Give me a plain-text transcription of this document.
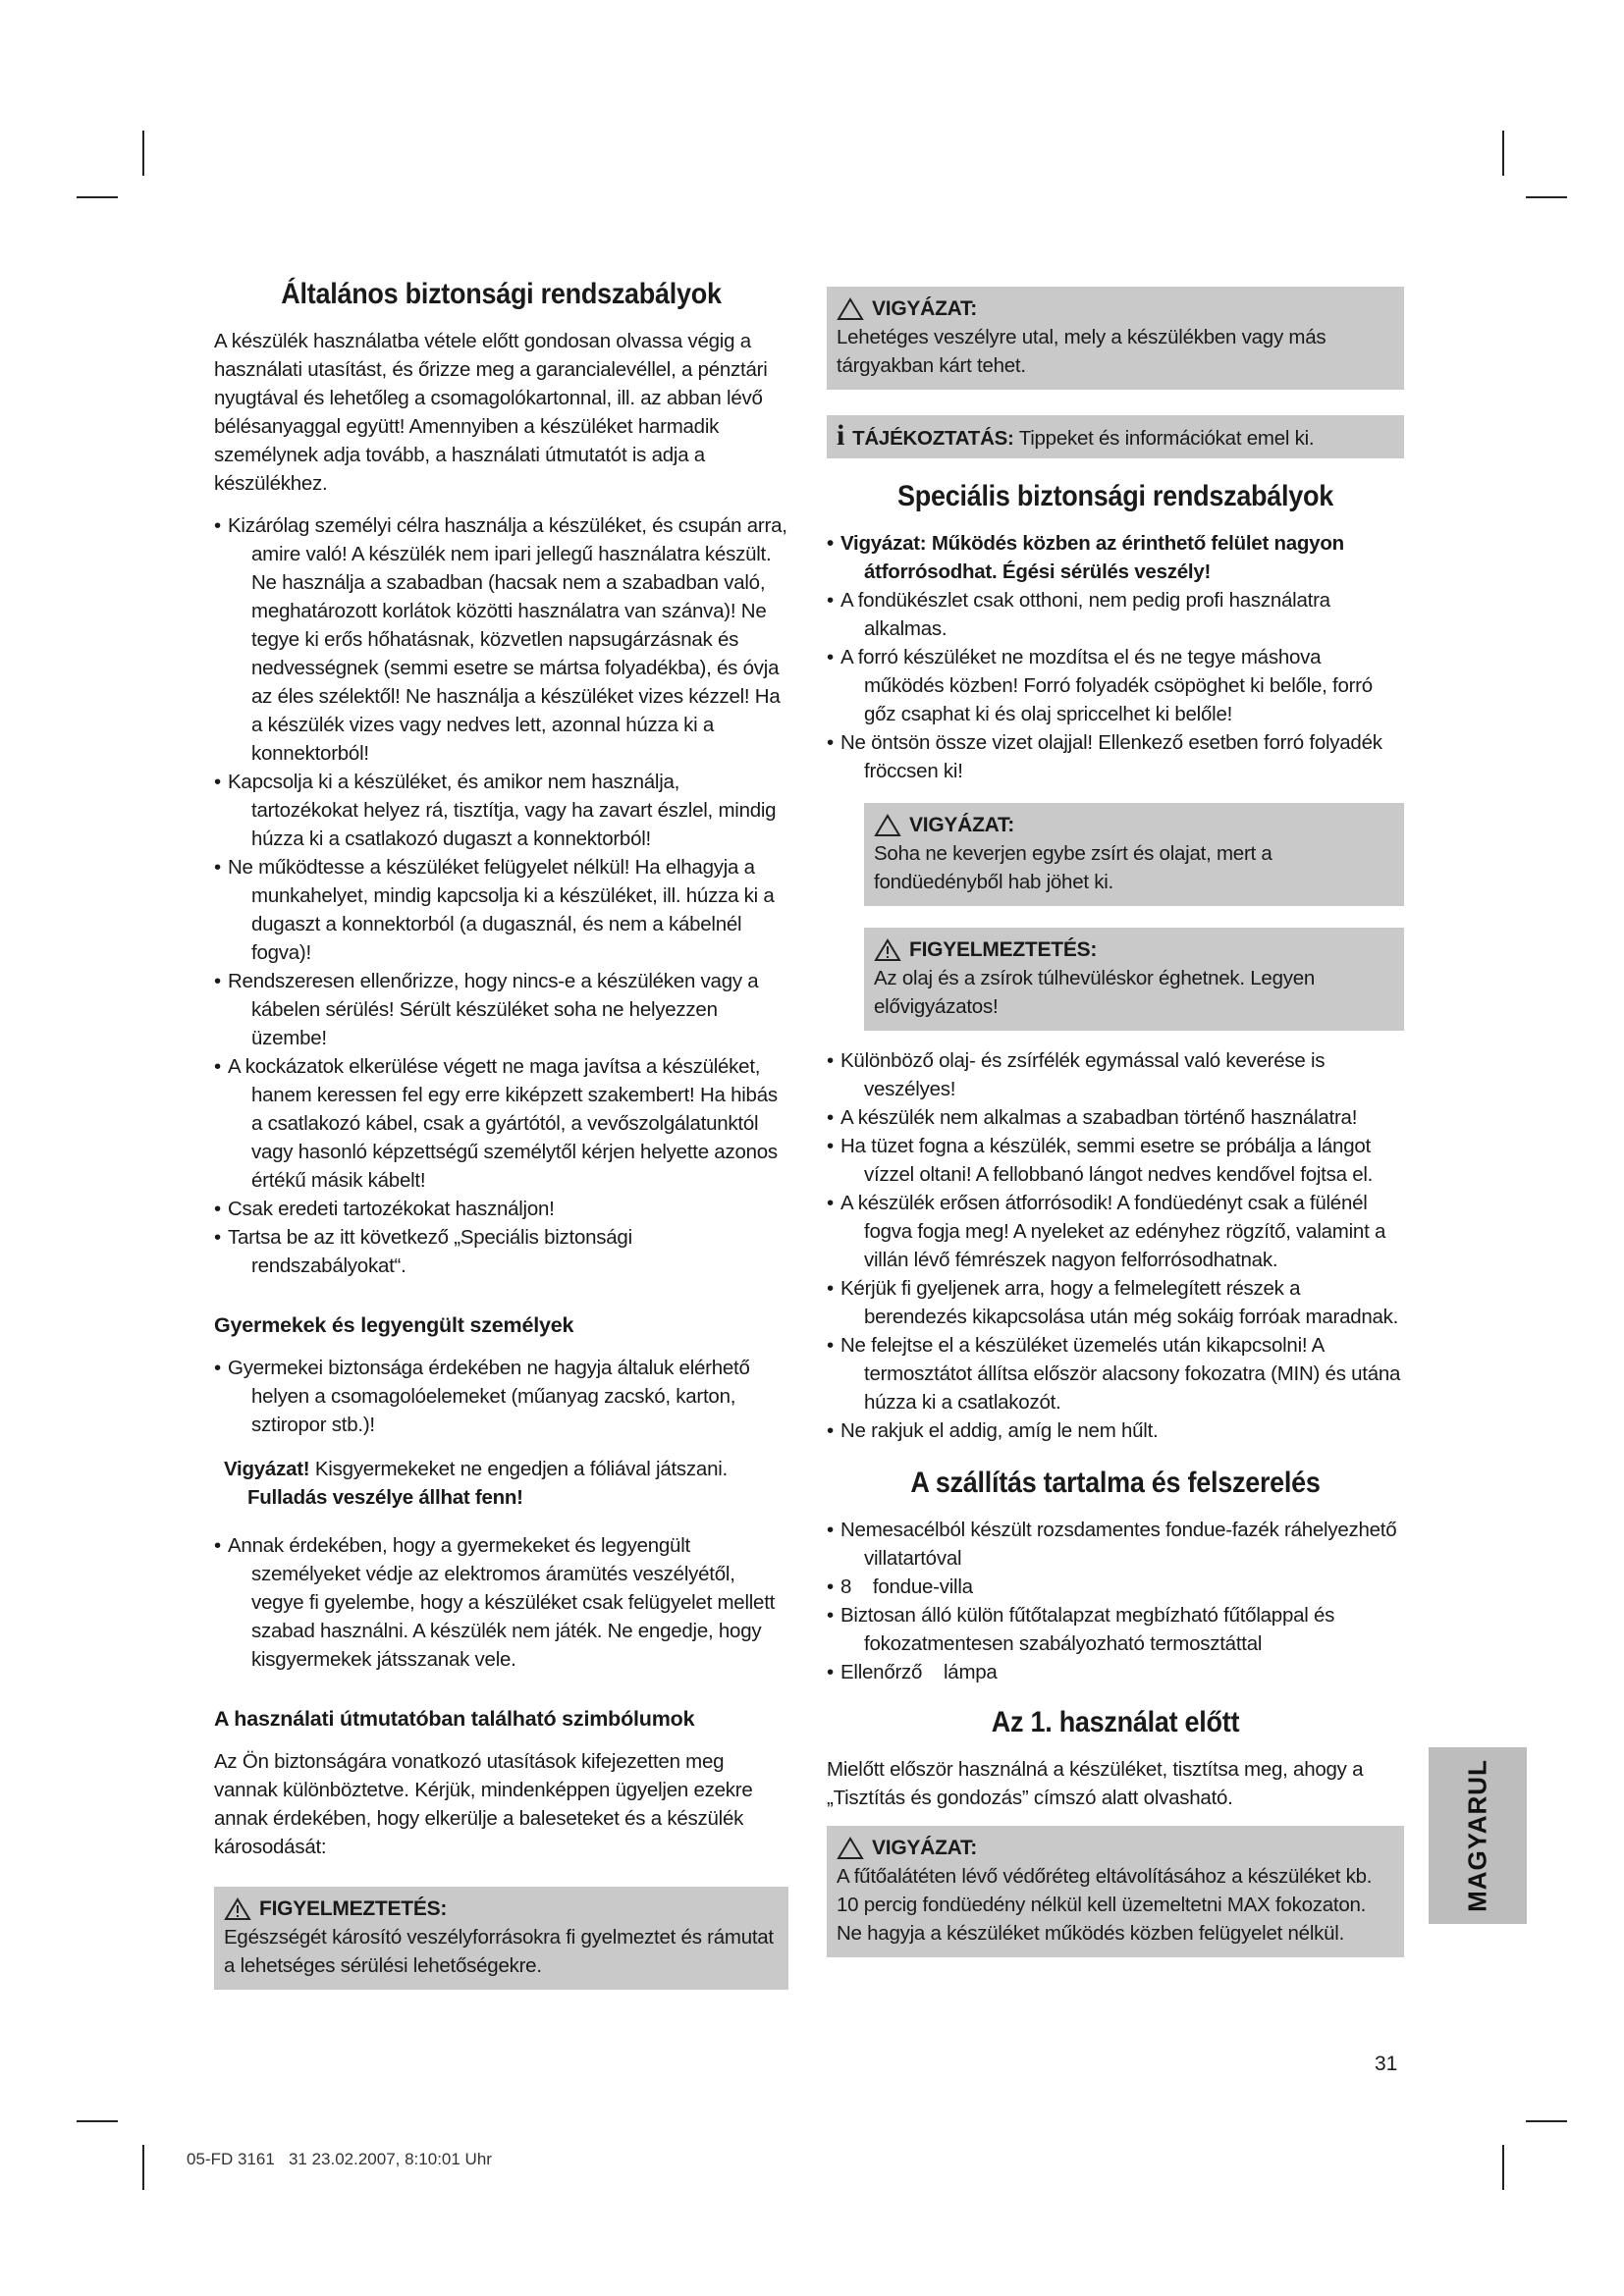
Általános biztonsági rendszabályok

A készülék használatba vétele előtt gondosan olvassa végig a használati utasítást, és őrizze meg a garancialevéllel, a pénztári nyugtával és lehetőleg a csomagolókartonnal, ill. az abban lévő bélésanyaggal együtt! Amennyiben a készüléket harmadik személynek adja tovább, a használati útmutatót is adja a készülékhez.

• Kizárólag személyi célra használja a készüléket, és csupán arra, amire való! A készülék nem ipari jellegű használatra készült. Ne használja a szabadban (hacsak nem a szabadban való, meghatározott korlátok közötti használatra van szánva)! Ne tegye ki erős hőhatásnak, közvetlen napsugárzásnak és nedvességnek (semmi esetre se mártsa folyadékba), és óvja az éles szélektől! Ne használja a készüléket vizes kézzel! Ha a készülék vizes vagy nedves lett, azonnal húzza ki a konnektorból!
• Kapcsolja ki a készüléket, és amikor nem használja, tartozékokat helyez rá, tisztítja, vagy ha zavart észlel, mindig húzza ki a csatlakozó dugaszt a konnektorból!
• Ne működtesse a készüléket felügyelet nélkül! Ha elhagyja a munkahelyet, mindig kapcsolja ki a készüléket, ill. húzza ki a dugaszt a konnektorból (a dugasznál, és nem a kábelnél fogva)!
• Rendszeresen ellenőrizze, hogy nincs-e a készüléken vagy a kábelen sérülés! Sérült készüléket soha ne helyezzen üzembe!
• A kockázatok elkerülése végett ne maga javítsa a készüléket, hanem keressen fel egy erre kiképzett szakembert! Ha hibás a csatlakozó kábel, csak a gyártótól, a vevőszolgálatunktól vagy hasonló képzettségű személytől kérjen helyette azonos értékű másik kábelt!
• Csak eredeti tartozékokat használjon!
• Tartsa be az itt következő „Speciális biztonsági rendszabályokat“.
Gyermekek és legyengült személyek
• Gyermekei biztonsága érdekében ne hagyja általuk elérhető helyen a csomagolóelemeket (műanyag zacskó, karton, sztiropor stb.)!
Vigyázat! Kisgyermekeket ne engedjen a fóliával játszani.
Fulladás veszélye állhat fenn!
• Annak érdekében, hogy a gyermekeket és legyengült személyeket védje az elektromos áramütés veszélyétől, vegye fi gyelembe, hogy a készüléket csak felügyelet mellett szabad használni. A készülék nem játék. Ne engedje, hogy kisgyermekek játsszanak vele.
A használati útmutatóban található szimbólumok

Az Ön biztonságára vonatkozó utasítások kifejezetten meg vannak különböztetve. Kérjük, mindenképpen ügyeljen ezekre annak érdekében, hogy elkerülje a baleseteket és a készülék károsodását:

FIGYELMEZTETÉS:
Egészségét károsító veszélyforrásokra fi gyelmeztet és rámutat a lehetséges sérülési lehetőségekre.
VIGYÁZAT:
Lehetéges veszélyre utal, mely a készülékben vagy más tárgyakban kárt tehet.
i TÁJÉKOZTATÁS: Tippeket és információkat emel ki.
Speciális biztonsági rendszabályok
• Vigyázat: Működés közben az érinthető felület nagyon átforrósodhat. Égési sérülés veszély!
• A fondükészlet csak otthoni, nem pedig profi használatra alkalmas.
• A forró készüléket ne mozdítsa el és ne tegye máshova működés közben! Forró folyadék csöpöghet ki belőle, forró gőz csaphat ki és olaj spriccelhet ki belőle!
• Ne öntsön össze vizet olajjal! Ellenkező esetben forró folyadék fröccsen ki!
VIGYÁZAT:
Soha ne keverjen egybe zsírt és olajat, mert a fondüedényből hab jöhet ki.
FIGYELMEZTETÉS:
Az olaj és a zsírok túlhevüléskor éghetnek. Legyen elővigyázatos!
• Különböző olaj- és zsírfélék egymással való keverése is veszélyes!
• A készülék nem alkalmas a szabadban történő használatra!
• Ha tüzet fogna a készülék, semmi esetre se próbálja a lángot vízzel oltani! A fellobbanó lángot nedves kendővel fojtsa el.
• A készülék erősen átforrósodik! A fondüedényt csak a fülénél fogva fogja meg! A nyeleket az edényhez rögzítő, valamint a villán lévő fémrészek nagyon felforrósodhatnak.
• Kérjük fi gyeljenek arra, hogy a felmelegített részek a berendezés kikapcsolása után még sokáig forróak maradnak.
• Ne felejtse el a készüléket üzemelés után kikapcsolni! A termosztátot állítsa először alacsony fokozatra (MIN) és utána húzza ki a csatlakozót.
• Ne rakjuk el addig, amíg le nem hűlt.
A szállítás tartalma és felszerelés
• Nemesacélból készült rozsdamentes fondue-fazék ráhelyezhető villatartóval
• 8    fondue-villa
• Biztosan álló külön fűtőtalapzat megbízható fűtőlappal és fokozatmentesen szabályozható termosztáttal
• Ellenőrző    lámpa
Az 1. használat előtt

Mielőtt először használná a készüléket, tisztítsa meg, ahogy a „Tisztítás és gondozás” címszó alatt olvasható.

VIGYÁZAT:
A fűtőalátéten lévő védőréteg eltávolításához a készüléket kb. 10 percig fondüedény nélkül kell üzemeltetni MAX fokozaton. Ne hagyja a készüléket működés közben felügyelet nélkül.
MAGYARUL
31
05-FD 3161   31 23.02.2007, 8:10:01 Uhr
